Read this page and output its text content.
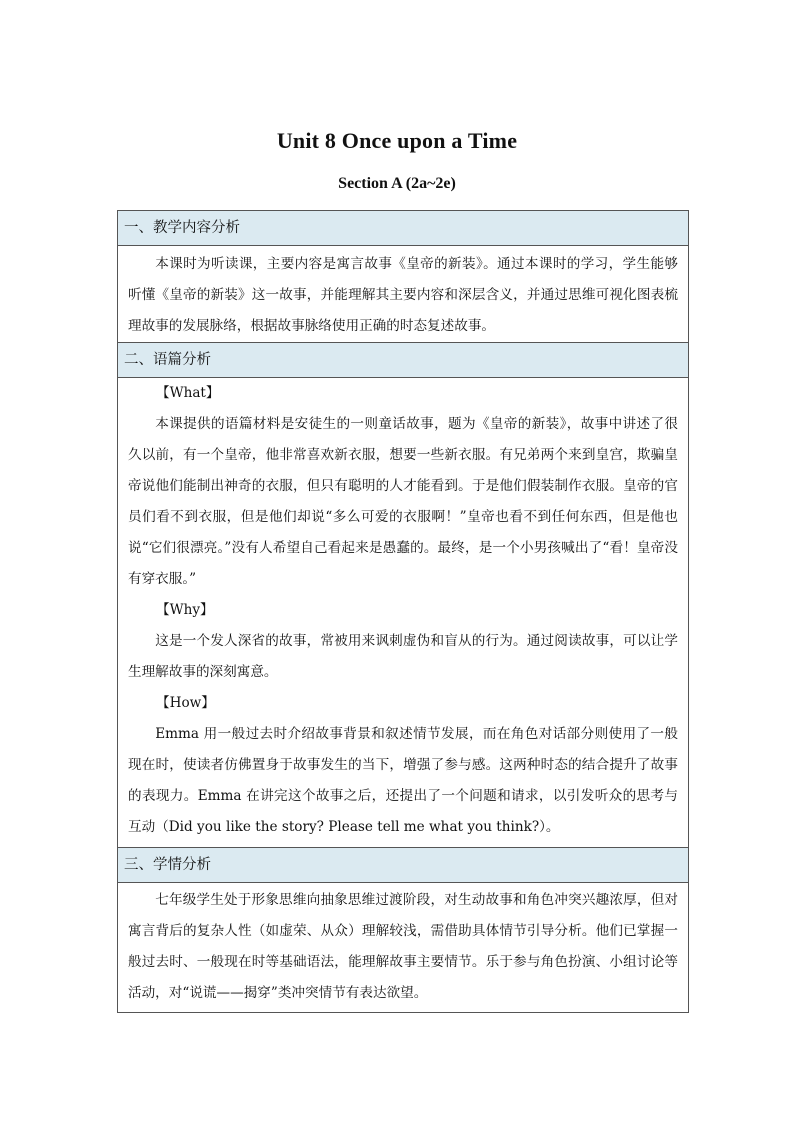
Unit 8 Once upon a Time
Section A (2a~2e)
一、教学内容分析

本课时为听读课，主要内容是寓言故事《皇帝的新装》。通过本课时的学习，学生能够听懂《皇帝的新装》这一故事，并能理解其主要内容和深层含义，并通过思维可视化图表梳理故事的发展脉络，根据故事脉络使用正确的时态复述故事。

二、语篇分析

【What】

本课提供的语篇材料是安徒生的一则童话故事，题为《皇帝的新装》，故事中讲述了很久以前，有一个皇帝，他非常喜欢新衣服，想要一些新衣服。有兄弟两个来到皇宫，欺骗皇帝说他们能制出神奇的衣服，但只有聪明的人才能看到。于是他们假装制作衣服。皇帝的官员们看不到衣服，但是他们却说“多么可爱的衣服啊！”皇帝也看不到任何东西，但是他也说“它们很漂亮。”没有人希望自己看起来是愚蠢的。最终，是一个小男孩喊出了“看！皇帝没有穿衣服。”

【Why】

这是一个发人深省的故事，常被用来讽刺虚伪和盲从的行为。通过阅读故事，可以让学生理解故事的深刻寓意。

【How】

Emma 用一般过去时介绍故事背景和叙述情节发展，而在角色对话部分则使用了一般现在时，使读者仿佛置身于故事发生的当下，增强了参与感。这两种时态的结合提升了故事的表现力。Emma 在讲完这个故事之后，还提出了一个问题和请求，以引发听众的思考与互动（Did you like the story? Please tell me what you think?）。

三、学情分析

七年级学生处于形象思维向抽象思维过渡阶段，对生动故事和角色冲突兴趣浓厚，但对寓言背后的复杂人性（如虚荣、从众）理解较浅，需借助具体情节引导分析。他们已掌握一般过去时、一般现在时等基础语法，能理解故事主要情节。乐于参与角色扮演、小组讨论等活动，对“说谎——揭穿”类冲突情节有表达欲望。
